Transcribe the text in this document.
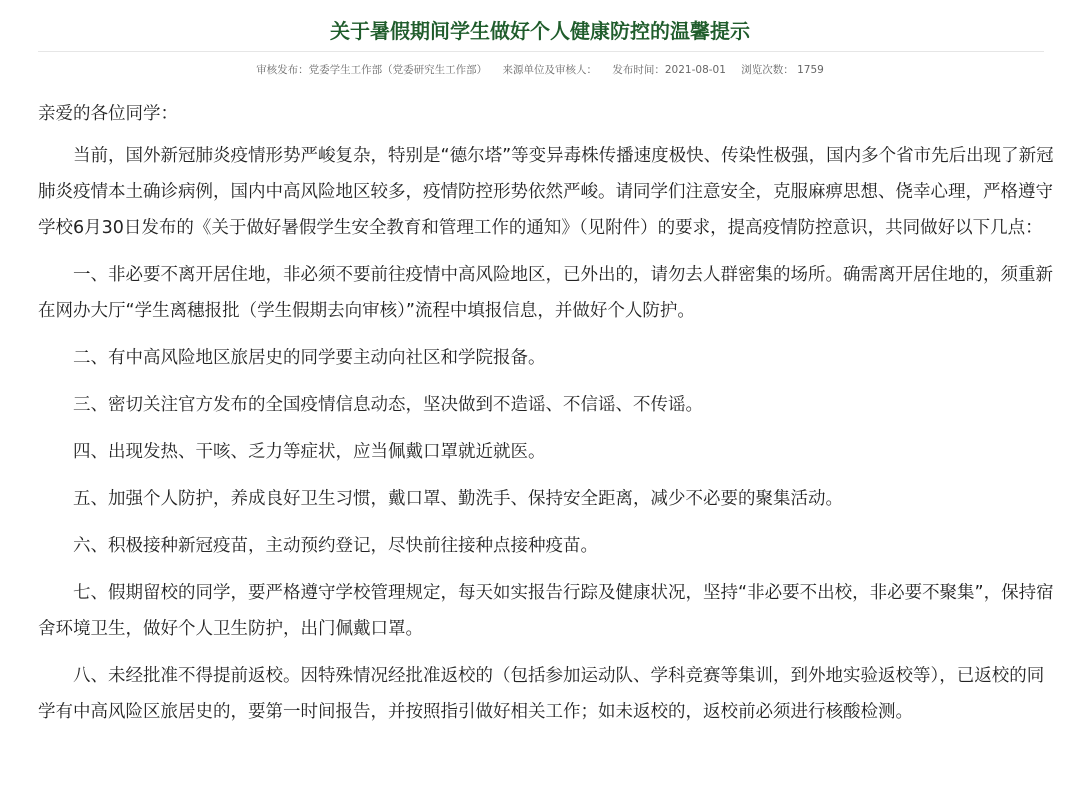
关于暑假期间学生做好个人健康防控的温馨提示
审核发布：党委学生工作部（党委研究生工作部） 来源单位及审核人： 发布时间：2021-08-01 浏览次数： 1759

亲爱的各位同学：

当前，国外新冠肺炎疫情形势严峻复杂，特别是“德尔塔”等变异毒株传播速度极快、传染性极强，国内多个省市先后出现了新冠肺炎疫情本土确诊病例，国内中高风险地区较多，疫情防控形势依然严峻。请同学们注意安全，克服麻痹思想、侥幸心理，严格遵守学校6月30日发布的《关于做好暑假学生安全教育和管理工作的通知》（见附件）的要求，提高疫情防控意识，共同做好以下几点：

一、非必要不离开居住地，非必须不要前往疫情中高风险地区，已外出的，请勿去人群密集的场所。确需离开居住地的，须重新在网办大厅“学生离穗报批（学生假期去向审核）”流程中填报信息，并做好个人防护。

二、有中高风险地区旅居史的同学要主动向社区和学院报备。

三、密切关注官方发布的全国疫情信息动态，坚决做到不造谣、不信谣、不传谣。

四、出现发热、干咳、乏力等症状，应当佩戴口罩就近就医。

五、加强个人防护，养成良好卫生习惯，戴口罩、勤洗手、保持安全距离，减少不必要的聚集活动。

六、积极接种新冠疫苗，主动预约登记，尽快前往接种点接种疫苗。

七、假期留校的同学，要严格遵守学校管理规定，每天如实报告行踪及健康状况，坚持“非必要不出校，非必要不聚集”，保持宿舍环境卫生，做好个人卫生防护，出门佩戴口罩。

八、未经批准不得提前返校。因特殊情况经批准返校的（包括参加运动队、学科竞赛等集训，到外地实验返校等），已返校的同学有中高风险区旅居史的，要第一时间报告，并按照指引做好相关工作；如未返校的，返校前必须进行核酸检测。
